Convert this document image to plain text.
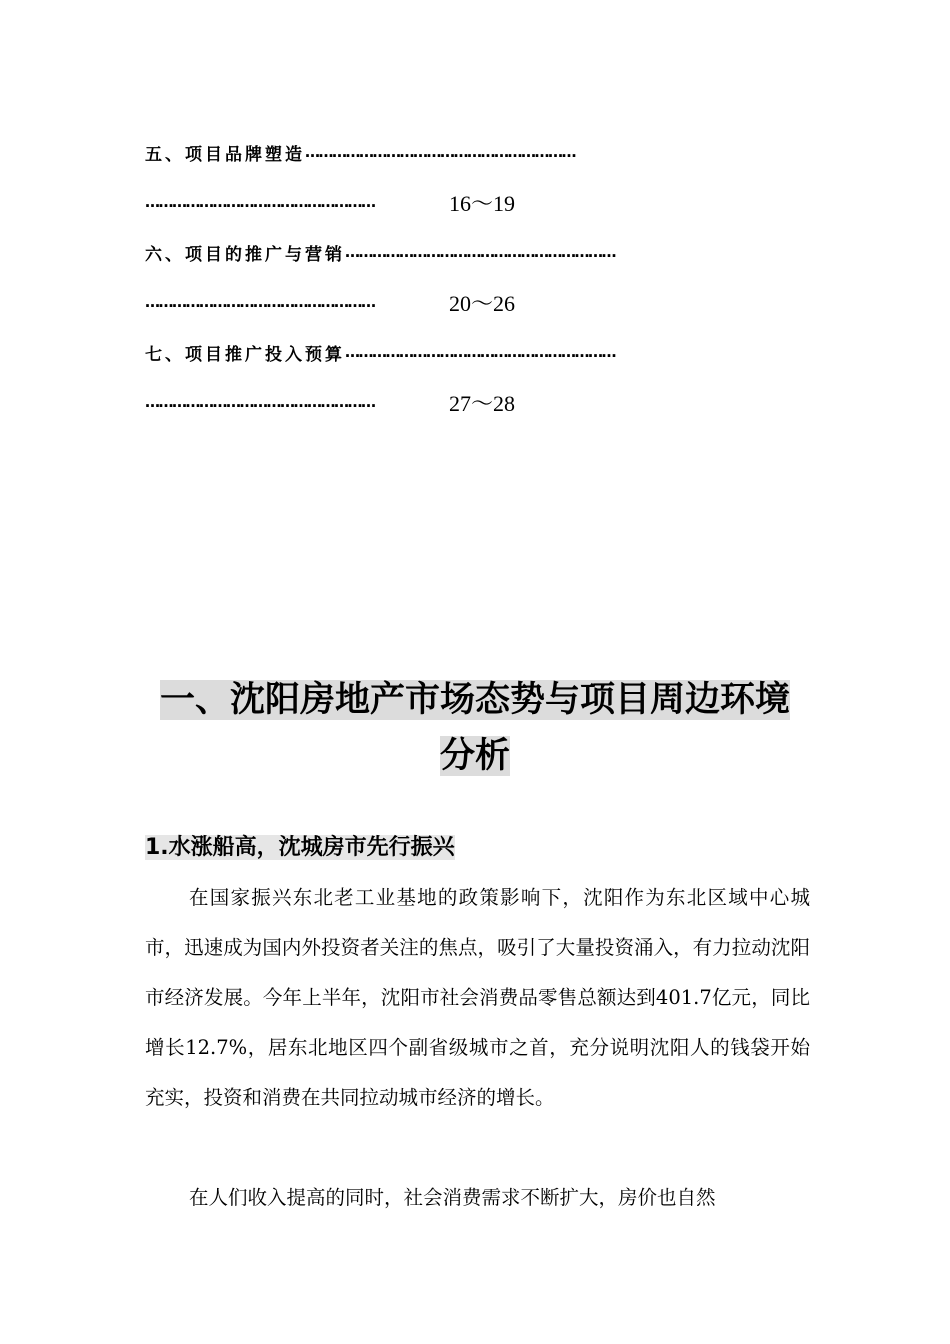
五、项目品牌塑造 ……………………………………………………
……………………………………………	16～19
六、项目的推广与营销 ……………………………………………………
……………………………………………	20～26
七、项目推广投入预算 ……………………………………………………
……………………………………………	27～28
一、沈阳房地产市场态势与项目周边环境
分析
1.水涨船高，沈城房市先行振兴

在国家振兴东北老工业基地的政策影响下，沈阳作为东北区域中心城市，迅速成为国内外投资者关注的焦点，吸引了大量投资涌入，有力拉动沈阳市经济发展。今年上半年，沈阳市社会消费品零售总额达到401.7亿元，同比增长12.7%，居东北地区四个副省级城市之首，充分说明沈阳人的钱袋开始充实，投资和消费在共同拉动城市经济的增长。

在人们收入提高的同时，社会消费需求不断扩大，房价也自然
